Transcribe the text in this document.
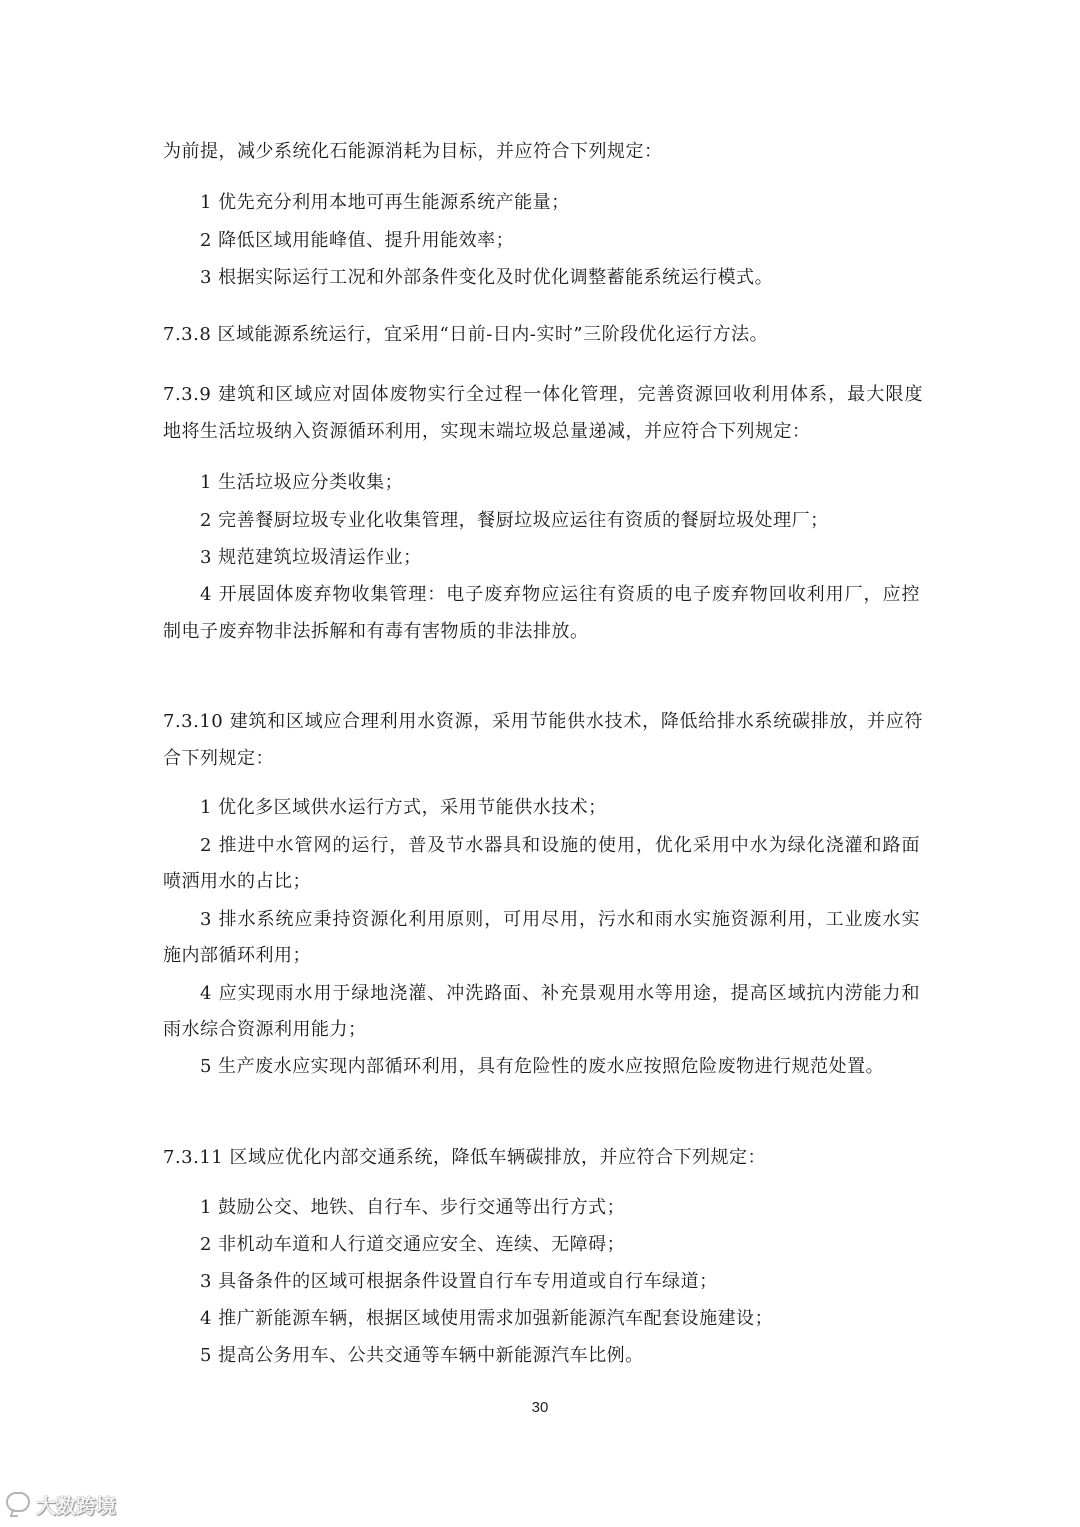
为前提，减少系统化石能源消耗为目标，并应符合下列规定：
1 优先充分利用本地可再生能源系统产能量；
2 降低区域用能峰值、提升用能效率；
3 根据实际运行工况和外部条件变化及时优化调整蓄能系统运行模式。
7.3.8 区域能源系统运行，宜采用“日前-日内-实时”三阶段优化运行方法。
7.3.9 建筑和区域应对固体废物实行全过程一体化管理，完善资源回收利用体系，最大限度
地将生活垃圾纳入资源循环利用，实现末端垃圾总量递减，并应符合下列规定：
1 生活垃圾应分类收集；
2 完善餐厨垃圾专业化收集管理，餐厨垃圾应运往有资质的餐厨垃圾处理厂；
3 规范建筑垃圾清运作业；
4 开展固体废弃物收集管理：电子废弃物应运往有资质的电子废弃物回收利用厂，应控
制电子废弃物非法拆解和有毒有害物质的非法排放。
7.3.10 建筑和区域应合理利用水资源，采用节能供水技术，降低给排水系统碳排放，并应符
合下列规定：
1 优化多区域供水运行方式，采用节能供水技术；
2 推进中水管网的运行，普及节水器具和设施的使用，优化采用中水为绿化浇灌和路面
喷洒用水的占比；
3 排水系统应秉持资源化利用原则，可用尽用，污水和雨水实施资源利用，工业废水实
施内部循环利用；
4 应实现雨水用于绿地浇灌、冲洗路面、补充景观用水等用途，提高区域抗内涝能力和
雨水综合资源利用能力；
5 生产废水应实现内部循环利用，具有危险性的废水应按照危险废物进行规范处置。
7.3.11 区域应优化内部交通系统，降低车辆碳排放，并应符合下列规定：
1 鼓励公交、地铁、自行车、步行交通等出行方式；
2 非机动车道和人行道交通应安全、连续、无障碍；
3 具备条件的区域可根据条件设置自行车专用道或自行车绿道；
4 推广新能源车辆，根据区域使用需求加强新能源汽车配套设施建设；
5 提高公务用车、公共交通等车辆中新能源汽车比例。
30
大数跨境
